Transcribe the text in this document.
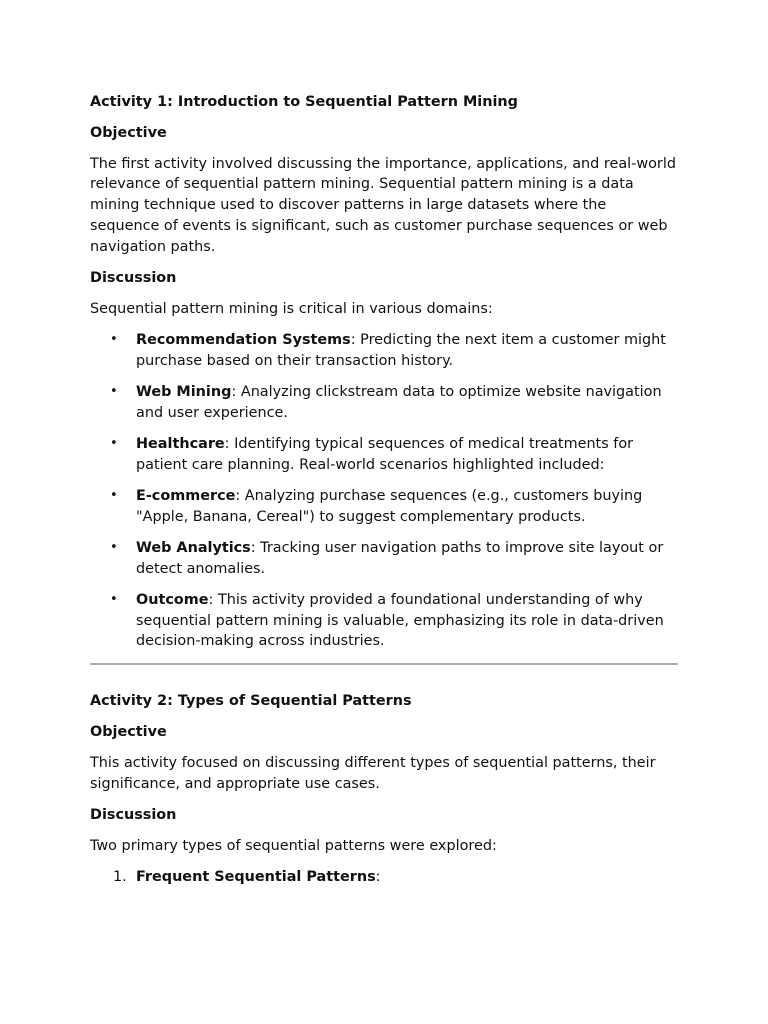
Activity 1: Introduction to Sequential Pattern Mining
Objective
The first activity involved discussing the importance, applications, and real-world relevance of sequential pattern mining. Sequential pattern mining is a data mining technique used to discover patterns in large datasets where the sequence of events is significant, such as customer purchase sequences or web navigation paths.
Discussion
Sequential pattern mining is critical in various domains:
• Recommendation Systems: Predicting the next item a customer might purchase based on their transaction history.
• Web Mining: Analyzing clickstream data to optimize website navigation and user experience.
• Healthcare: Identifying typical sequences of medical treatments for patient care planning. Real-world scenarios highlighted included:
• E-commerce: Analyzing purchase sequences (e.g., customers buying "Apple, Banana, Cereal") to suggest complementary products.
• Web Analytics: Tracking user navigation paths to improve site layout or detect anomalies.
• Outcome: This activity provided a foundational understanding of why sequential pattern mining is valuable, emphasizing its role in data-driven decision-making across industries.
Activity 2: Types of Sequential Patterns
Objective
This activity focused on discussing different types of sequential patterns, their significance, and appropriate use cases.
Discussion
Two primary types of sequential patterns were explored:
1. Frequent Sequential Patterns:
